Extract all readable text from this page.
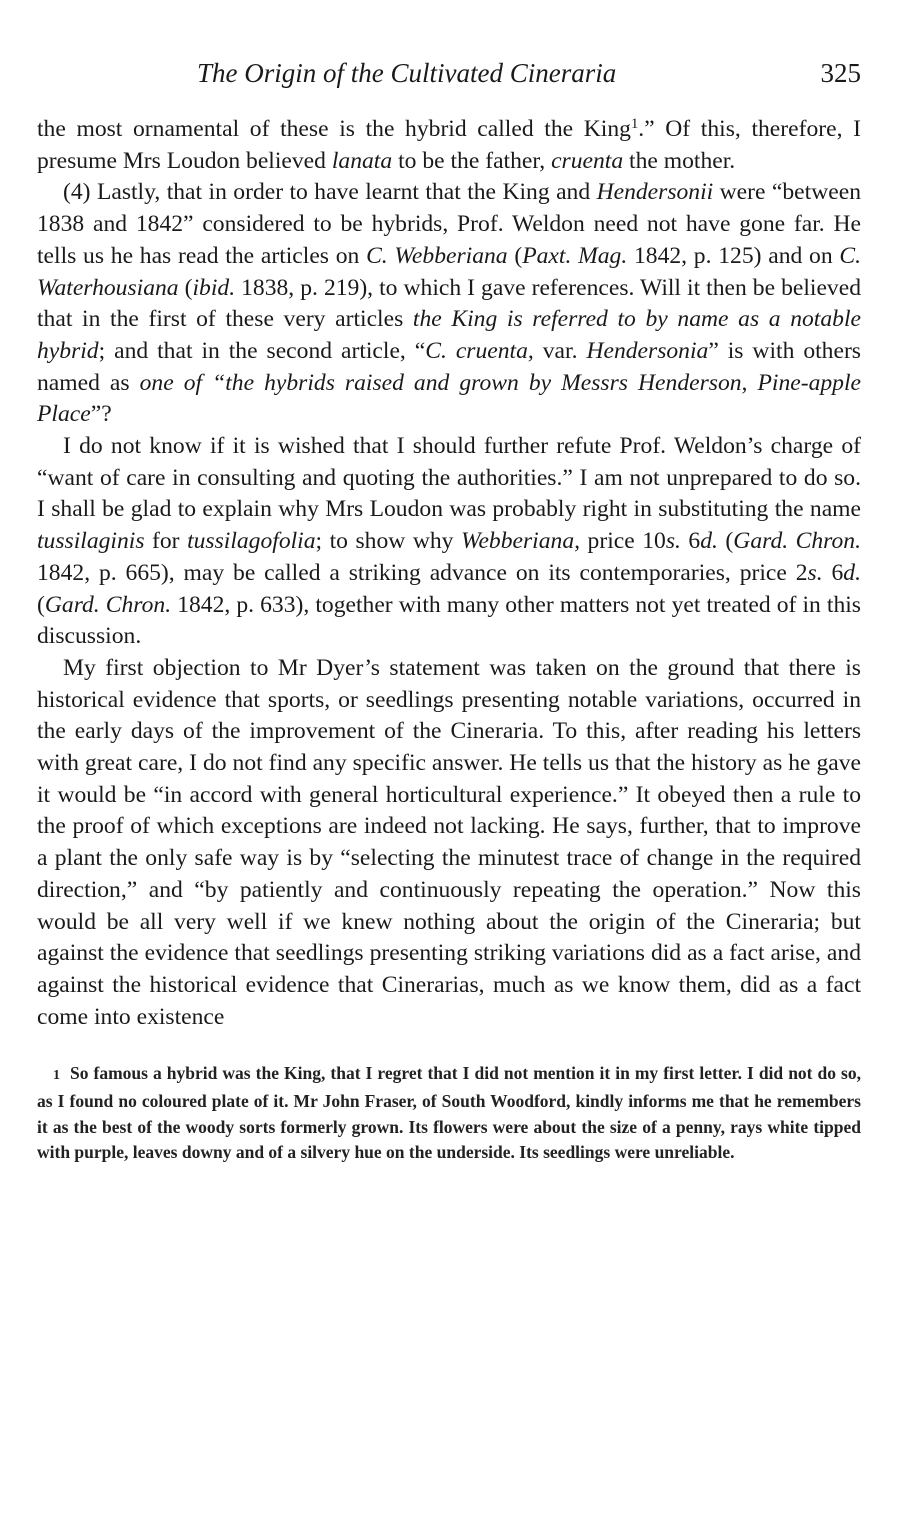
The Origin of the Cultivated Cineraria	325

the most ornamental of these is the hybrid called the King$^1$.” Of this, therefore, I presume Mrs Loudon believed lanata to be the father, cruenta the mother.

(4) Lastly, that in order to have learnt that the King and Hendersonii were “between 1838 and 1842” considered to be hybrids, Prof. Weldon need not have gone far. He tells us he has read the articles on C. Webberiana (Paxt. Mag. 1842, p. 125) and on C. Waterhousiana (ibid. 1838, p. 219), to which I gave references. Will it then be believed that in the first of these very articles the King is referred to by name as a notable hybrid; and that in the second article, “C. cruenta, var. Hendersonia” is with others named as one of “the hybrids raised and grown by Messrs Henderson, Pine-apple Place”?

I do not know if it is wished that I should further refute Prof. Weldon’s charge of “want of care in consulting and quoting the authorities.” I am not unprepared to do so. I shall be glad to explain why Mrs Loudon was probably right in substituting the name tussilaginis for tussilagofolia; to show why Webberiana, price 10s. 6d. (Gard. Chron. 1842, p. 665), may be called a striking advance on its contemporaries, price 2s. 6d. (Gard. Chron. 1842, p. 633), together with many other matters not yet treated of in this discussion.

My first objection to Mr Dyer’s statement was taken on the ground that there is historical evidence that sports, or seedlings presenting notable variations, occurred in the early days of the improvement of the Cineraria. To this, after reading his letters with great care, I do not find any specific answer. He tells us that the history as he gave it would be “in accord with general horticultural experience.” It obeyed then a rule to the proof of which exceptions are indeed not lacking. He says, further, that to improve a plant the only safe way is by “selecting the minutest trace of change in the required direction,” and “by patiently and continuously repeating the operation.” Now this would be all very well if we knew nothing about the origin of the Cineraria; but against the evidence that seedlings presenting striking variations did as a fact arise, and against the historical evidence that Cinerarias, much as we know them, did as a fact come into existence

1 So famous a hybrid was the King, that I regret that I did not mention it in my first letter. I did not do so, as I found no coloured plate of it. Mr John Fraser, of South Woodford, kindly informs me that he remembers it as the best of the woody sorts formerly grown. Its flowers were about the size of a penny, rays white tipped with purple, leaves downy and of a silvery hue on the underside. Its seedlings were unreliable.
